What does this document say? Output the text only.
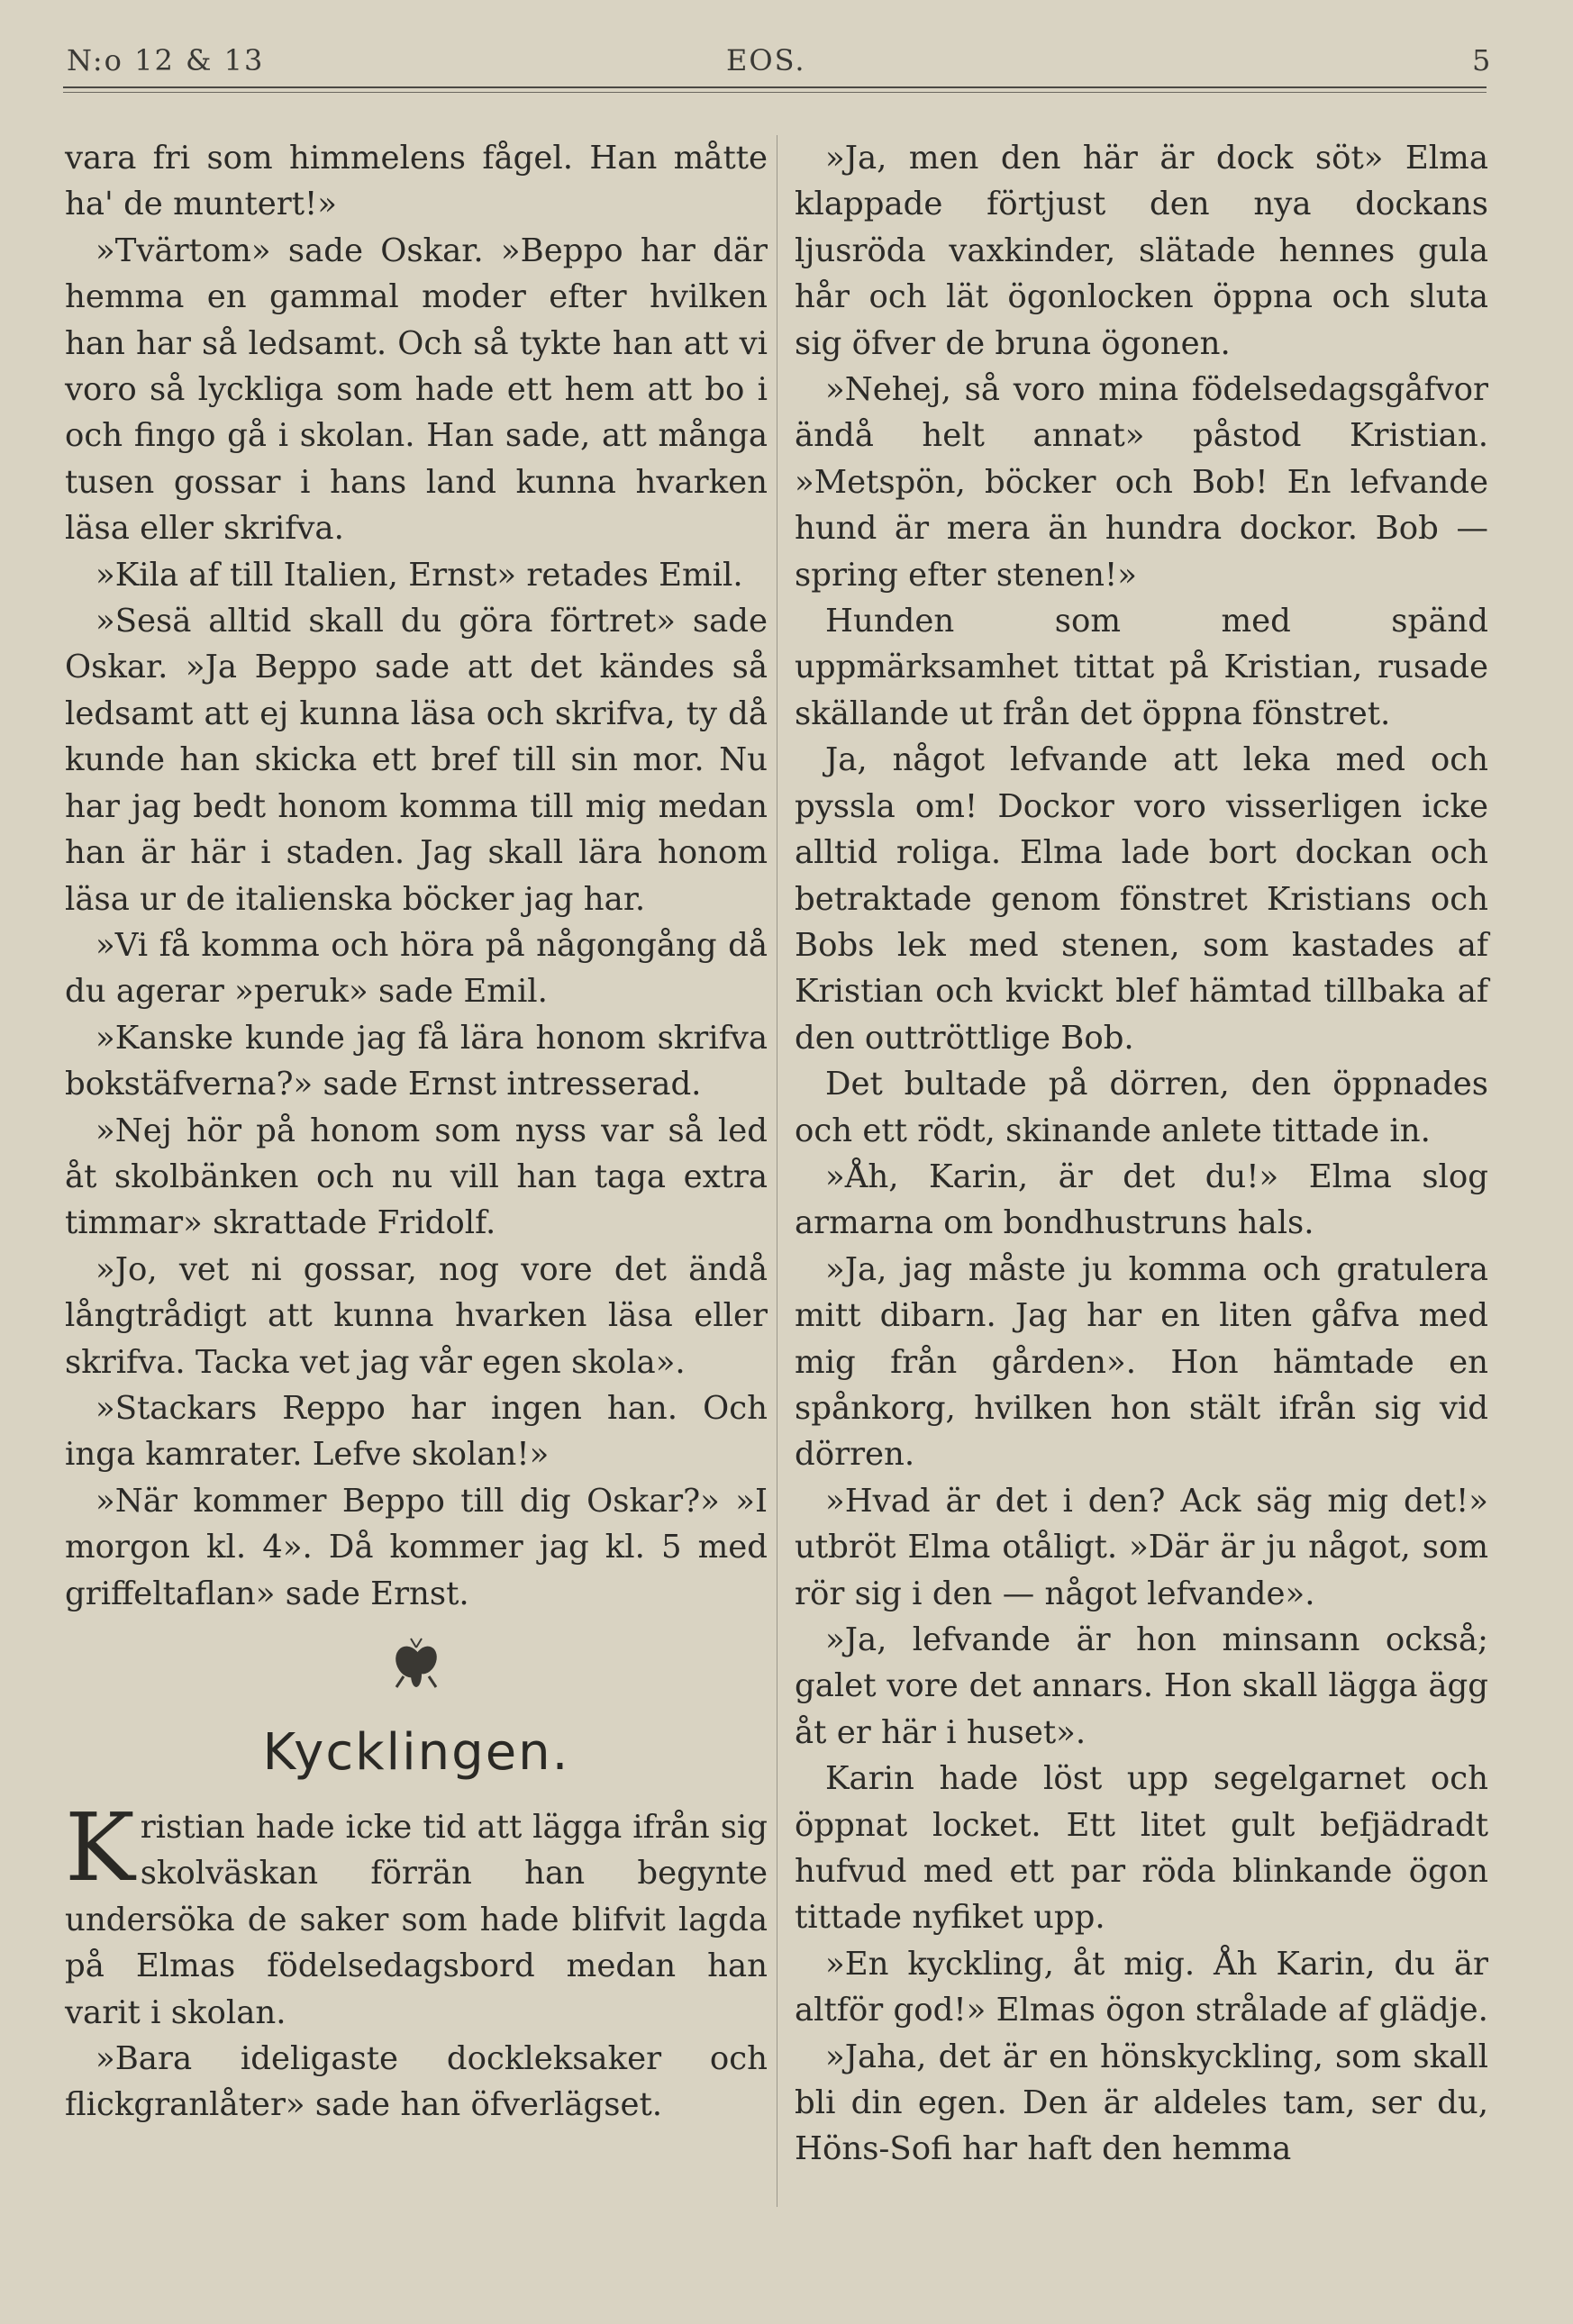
N:o 12 & 13	EOS.	5

vara fri som himmelens fågel. Han måtte ha' de muntert!»

»Tvärtom» sade Oskar. »Beppo har där hemma en gammal moder efter hvilken han har så ledsamt. Och så tykte han att vi voro så lyckliga som hade ett hem att bo i och fingo gå i skolan. Han sade, att många tusen gossar i hans land kunna hvarken läsa eller skrifva.

»Kila af till Italien, Ernst» retades Emil.

»Sesä alltid skall du göra förtret» sade Oskar. »Ja Beppo sade att det kändes så ledsamt att ej kunna läsa och skrifva, ty då kunde han skicka ett bref till sin mor. Nu har jag bedt honom komma till mig medan han är här i staden. Jag skall lära honom läsa ur de italienska böcker jag har.

»Vi få komma och höra på någongång då du agerar »peruk» sade Emil.

»Kanske kunde jag få lära honom skrifva bokstäfverna?» sade Ernst intresserad.

»Nej hör på honom som nyss var så led åt skolbänken och nu vill han taga extra timmar» skrattade Fridolf.

»Jo, vet ni gossar, nog vore det ändå långtrådigt att kunna hvarken läsa eller skrifva. Tacka vet jag vår egen skola».

»Stackars Reppo har ingen han. Och inga kamrater. Lefve skolan!»

»När kommer Beppo till dig Oskar?» »I morgon kl. 4». Då kommer jag kl. 5 med griffeltaflan» sade Ernst.

Kycklingen.

Kristian hade icke tid att lägga ifrån sig skolväskan förrän han begynte undersöka de saker som hade blifvit lagda på Elmas födelsedagsbord medan han varit i skolan.

»Bara ideligaste dockleksaker och flickgranlåter» sade han öfverlägset.

»Ja, men den här är dock söt» Elma klappade förtjust den nya dockans ljusröda vaxkinder, slätade hennes gula hår och lät ögonlocken öppna och sluta sig öfver de bruna ögonen.

»Nehej, så voro mina födelsedagsgåfvor ändå helt annat» påstod Kristian. »Metspön, böcker och Bob! En lefvande hund är mera än hundra dockor. Bob — spring efter stenen!»

Hunden som med spänd uppmärksamhet tittat på Kristian, rusade skällande ut från det öppna fönstret.

Ja, något lefvande att leka med och pyssla om! Dockor voro visserligen icke alltid roliga. Elma lade bort dockan och betraktade genom fönstret Kristians och Bobs lek med stenen, som kastades af Kristian och kvickt blef hämtad tillbaka af den outtröttlige Bob.

Det bultade på dörren, den öppnades och ett rödt, skinande anlete tittade in.

»Åh, Karin, är det du!» Elma slog armarna om bondhustruns hals.

»Ja, jag måste ju komma och gratulera mitt dibarn. Jag har en liten gåfva med mig från gården». Hon hämtade en spånkorg, hvilken hon stält ifrån sig vid dörren.

»Hvad är det i den? Ack säg mig det!» utbröt Elma otåligt. »Där är ju något, som rör sig i den — något lefvande».

»Ja, lefvande är hon minsann också; galet vore det annars. Hon skall lägga ägg åt er här i huset».

Karin hade löst upp segelgarnet och öppnat locket. Ett litet gult befjädradt hufvud med ett par röda blinkande ögon tittade nyfiket upp.

»En kyckling, åt mig. Åh Karin, du är altför god!» Elmas ögon strålade af glädje.

»Jaha, det är en hönskyckling, som skall bli din egen. Den är aldeles tam, ser du, Höns-Sofi har haft den hemma
